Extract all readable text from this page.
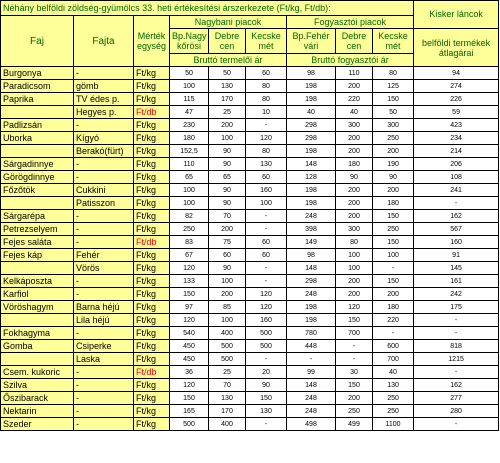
Néhány belföldi zöldség-gyümölcs 33. heti értékesítési árszerkezete (Ft/kg, Ft/db):									Kisker láncok
Faj	Fajta	Mérték egység	Nagybani piacok			Fogyasztói piacok			
			Bp.Nagy kőrösi	Debre cen	Kecske mét	Bp.Fehér vári	Debre cen	Kecske mét	belföldi termékek átlagárai
			Bruttó termelői ár			Bruttó fogyasztói ár			
Burgonya	-	Ft/kg	50	50	60	98	110	80	94
Paradicsom	gömb	Ft/kg	100	130	80	198	200	125	274
Paprika	TV édes p.	Ft/kg	115	170	80	198	220	150	226
	Hegyes p.	Ft/db	47	25	10	40	40	50	59
Padlizsán	-	Ft/kg	230	200	-	298	300	300	423
Uborka	Kígyó	Ft/kg	180	100	120	298	200	250	234
	Berakó(fürt)	Ft/kg	152,5	90	80	198	200	200	214
Sárgadinnye	-	Ft/kg	110	90	130	148	180	190	206
Görögdinnye	-	Ft/kg	65	65	60	128	90	90	108
Főzőtök	Cukkini	Ft/kg	100	90	160	198	200	200	241
	Patisszon	Ft/kg	100	90	100	198	200	180	-
Sárgarépa	-	Ft/kg	82	70	-	248	200	150	162
Petrezselyem	-	Ft/kg	250	200	-	398	300	250	567
Fejes saláta	-	Ft/db	83	75	60	149	80	150	160
Fejes káp	Fehér	Ft/kg	67	60	60	98	100	100	91
	Vörös	Ft/kg	120	90	-	148	100	-	145
Kelkáposzta	-	Ft/kg	133	100	-	298	200	150	161
Karfiol	-	Ft/kg	150	200	120	248	200	200	242
Vöröshagym	Barna héjú	Ft/kg	97	85	120	198	120	180	175
	Lila héjú	Ft/kg	120	100	160	198	150	220	-
Fokhagyma	-	Ft/kg	540	400	500	780	700	-	-
Gomba	Csiperke	Ft/kg	450	500	500	448	-	600	818
	Laska	Ft/kg	450	500	-	-	-	700	1215
Csem. kukoric	-	Ft/db	36	25	20	99	30	40	-
Szilva	-	Ft/kg	120	70	90	148	150	130	162
Őszibarack	-	Ft/kg	150	130	150	248	200	250	277
Nektarin	-	Ft/kg	165	170	130	248	250	250	280
Szeder	-	Ft/kg	500	400	-	498	499	1100	-
